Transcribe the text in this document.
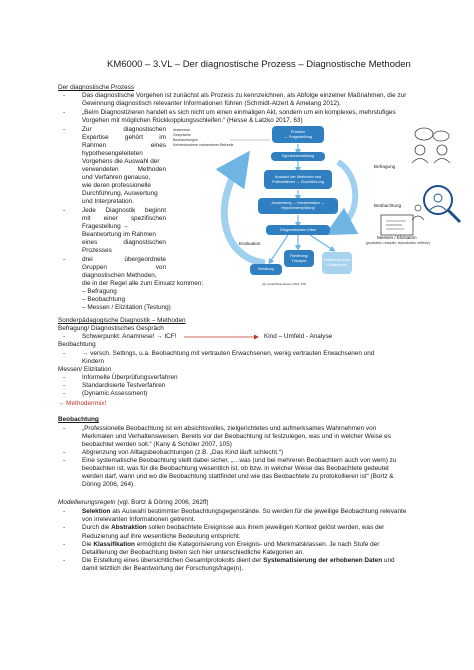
KM6000 – 3.VL – Der diagnostische Prozess – Diagnostische Methoden
Der diagnostische Prozess
-	Das diagnostische Vorgehen ist zunächst als Prozess zu kennzeichnen, als Abfolge einzelner Maßnahmen, die zur
Gewinnung diagnostisch relevanter Informationen führen (Schmidt-Atzert & Amelang 2012).
-	„Beim Diagnostizieren handelt es sich nicht um einen einmaligen Akt, sondern um ein komplexes, mehrstufiges
Vorgehen mit möglichen Rückkopplungsschleifen.“ (Hesse & Latzko 2017, 63)
-	Zur diagnostischen
Expertise gehört im
Rahmen eines
hypothesengeleiteten
Vorgehens die Auswahl der
verwendeten Methoden
und Verfahren genauso,
wie deren professionelle
Durchführung, Auswertung
und Interpretation.
-	Jede Diagnostik beginnt
mit einer spezifischen
Fragestellung →
Beantwortung im Rahmen
eines diagnostischen
Prozesses
-	drei übergeordnete
Gruppen von
diagnostischen Methoden,
die in der Regel alle zum Einsatz kommen:
– Befragung
– Beobachtung
– Messen / Elizitation (Testung)
Anamnese
Gespräche
Beobachtungen
Kenntnisnahme vorhandener Befunde
Problem
→ Fragestellung
Hypothesenbildung
Auswahl der Methoden und Prüfverfahren → Durchführung
Auswertung → Interpretation → Hypothesenprüfung
Diagnostisches Urteil
Förderung/ Therapie
Beratung
Erstellung eines Gutachtens
Evaluation
vgl. Kulke/Rosenkranz 2019, 57ff
Befragung
Beobachtung
Messen / Elizitation
(produktiv, rezeptiv, reproduktiv, reflexiv)
Sonderpädagogische Diagnostik – Methoden
Befragung/ Diagnostisches Gespräch
-	Schwerpunkt: Anamnese! → ICF!	Kind – Umfeld - Analyse
Beobachtung
-	→ versch. Settings, u.a. Beobachtung mit vertrauten Erwachsenen, wenig vertrauten Erwachsenen und
Kindern
Messen/ Elizitation
-	Informelle Überprüfungsverfahren
-	Standardisierte Testverfahren
-	(Dynamic Assessment)
→ Methodenmix!
Beobachtung
-	„Professionelle Beobachtung ist ein absichtsvolles, zielgerichtetes und aufmerksames Wahrnehmen von
Merkmalen und Verhaltensweisen. Bereits vor der Beobachtung ist festzulegen, was und in welcher Weise es
beobachtet werden soll.“ (Kany & Schöler 2007, 105)
-	Abgrenzung von Alltagsbeobachtungen (z.B. „Das Kind läuft schlecht.“)
-	Eine systematische Beobachtung stellt dabei sicher, „…was (und bei mehreren Beobachtern auch von wem) zu
beobachten ist, was für die Beobachtung wesentlich ist, ob bzw. in welcher Weise das Beobachtete gedeutet
werden darf, wann und wo die Beobachtung stattfindet und wie das Beobachtete zu protokollieren ist“ (Bortz &
Döring 2006, 264).
Modellierungsregeln (vgl. Bortz & Döring 2006, 262ff)
-	Selektion als Auswahl bestimmter Beobachtungsgegenstände. So werden für die jeweilige Beobachtung relevante
von irrelevanten Informationen getrennt.
-	Durch die Abstraktion sollen beobachtete Ereignisse aus ihrem jeweiligen Kontext gelöst werden, was der
Reduzierung auf ihre wesentliche Bedeutung entspricht.
-	Die Klassifikation ermöglicht die Kategorisierung von Ereignis- und Merkmalsklassen. Je nach Stufe der
Detaillierung der Beobachtung bieten sich hier unterschiedliche Kategorien an.
-	Die Erstellung eines übersichtlichen Gesamtprotokolls dient der Systematisierung der erhobenen Daten und
damit letztlich der Beantwortung der Forschungsfrage(n).
